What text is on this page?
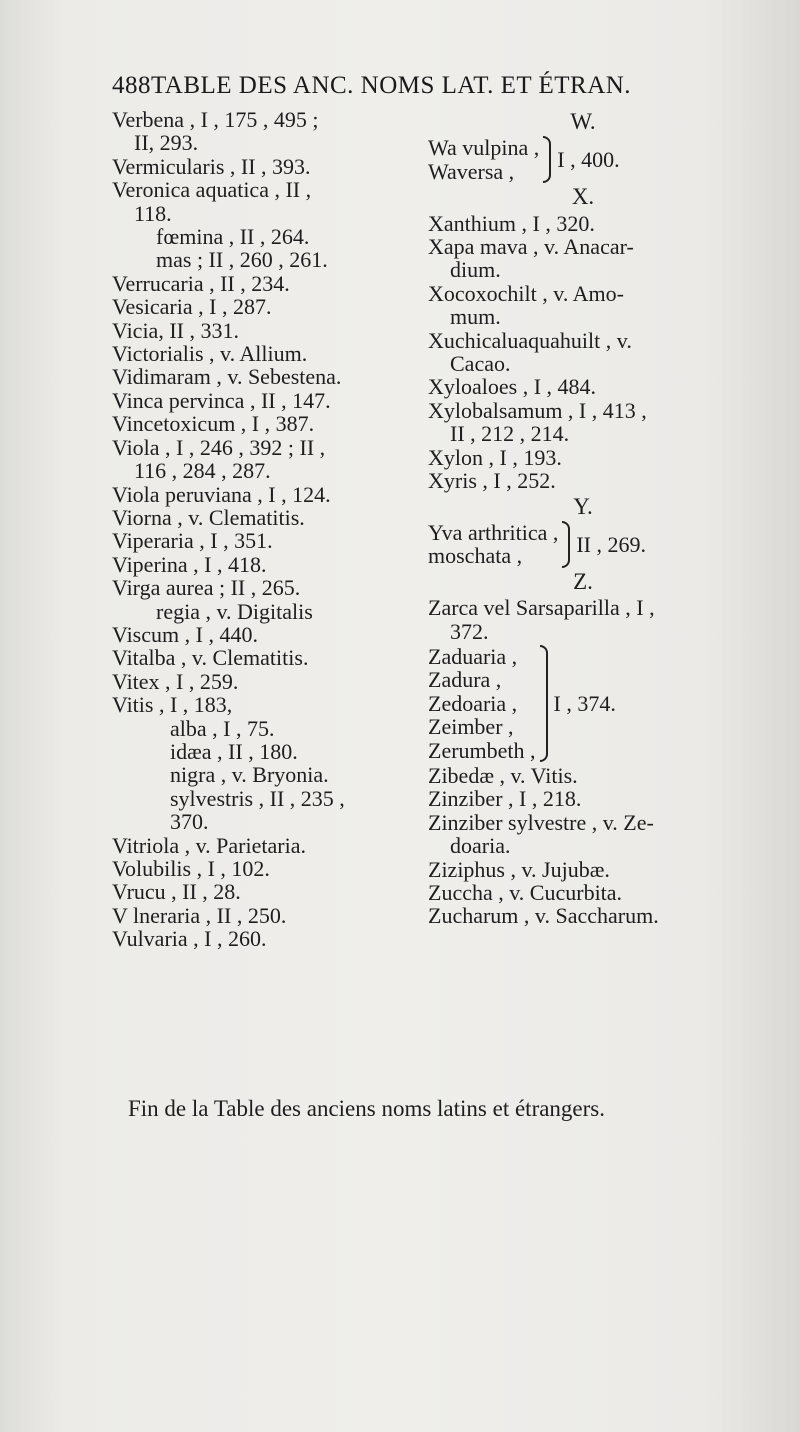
488TABLE DES ANC. NOMS LAT. ET ÉTRAN.
Verbena , I , 175 , 495 ;
II, 293.
Vermicularis , II , 393.
Veronica aquatica , II ,
118.
fœmina , II , 264.
mas ; II , 260 , 261.
Verrucaria , II , 234.
Vesicaria , I , 287.
Vicia, II , 331.
Victorialis , v. Allium.
Vidimaram , v. Sebestena.
Vinca pervinca , II , 147.
Vincetoxicum , I , 387.
Viola , I , 246 , 392 ; II ,
116 , 284 , 287.
Viola peruviana , I , 124.
Viorna , v. Clematitis.
Viperaria , I , 351.
Viperina , I , 418.
Virga aurea ; II , 265.
regia , v. Digitalis
Viscum , I , 440.
Vitalba , v. Clematitis.
Vitex , I , 259.
Vitis , I , 183,
alba , I , 75.
idæa , II , 180.
nigra , v. Bryonia.
sylvestris , II , 235 ,
370.
Vitriola , v. Parietaria.
Volubilis , I , 102.
Vrucu , II , 28.
V lneraria , II , 250.
Vulvaria , I , 260.
W.
Wa vulpina ,
Waversa ,	I , 400.
X.
Xanthium , I , 320.
Xapa mava , v. Anacar-
dium.
Xocoxochilt , v. Amo-
mum.
Xuchicaluaquahuilt , v.
Cacao.
Xyloaloes , I , 484.
Xylobalsamum , I , 413 ,
II , 212 , 214.
Xylon , I , 193.
Xyris , I , 252.
Y.
Yva arthritica ,
moschata ,	II , 269.
Z.
Zarca vel Sarsaparilla , I ,
372.
Zaduaria ,
Zadura ,
Zedoaria ,
Zeimber ,
Zerumbeth ,
I , 374.
Zibedæ , v. Vitis.
Zinziber , I , 218.
Zinziber sylvestre , v. Ze-
doaria.
Ziziphus , v. Jujubæ.
Zuccha , v. Cucurbita.
Zucharum , v. Saccharum.
Fin de la Table des anciens noms latins et étrangers.
